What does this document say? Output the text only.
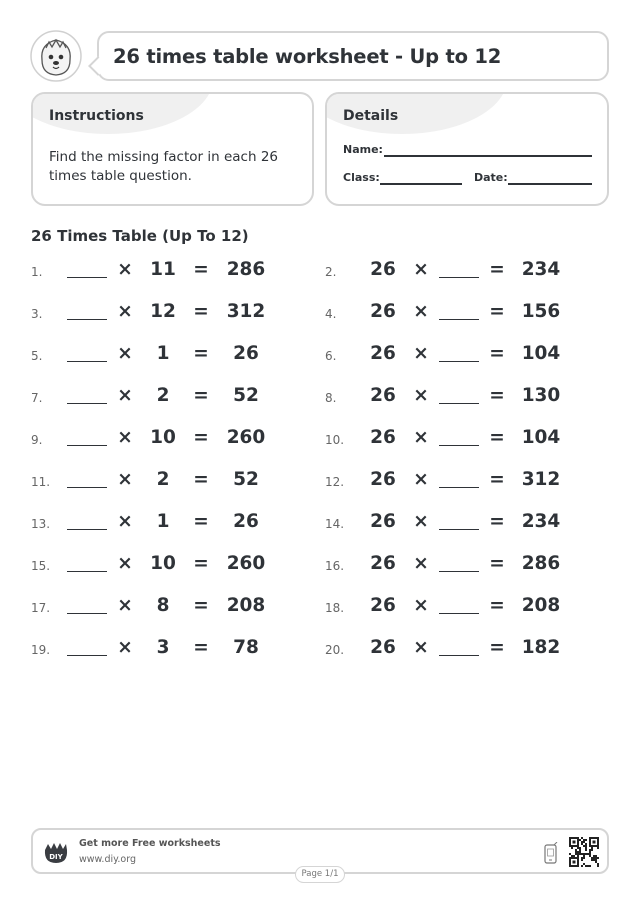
26 times table worksheet - Up to 12
Instructions
Find the missing factor in each 26 times table question.
Details
Name:
Class:	Date:
26 Times Table (Up To 12)
1.	× 11 = 286
3.	× 12 = 312
5.	×	1	=	26
7.	×	2	=	52
9.	× 10 = 260
11.	×	2	=	52
13.	×	1	=	26
15.	× 10 = 260
17.	×	8	= 208
19.	×	3	=	78
2. 26 ×	= 234
4. 26 ×	= 156
6. 26 ×	= 104
8. 26 ×	= 130
10. 26 ×	= 104
12. 26 ×	= 312
14. 26 ×	= 234
16. 26 ×	= 286
18. 26 ×	= 208
20. 26 ×	= 182
DIY
Get more Free worksheets
www.diy.org
Page 1/1
